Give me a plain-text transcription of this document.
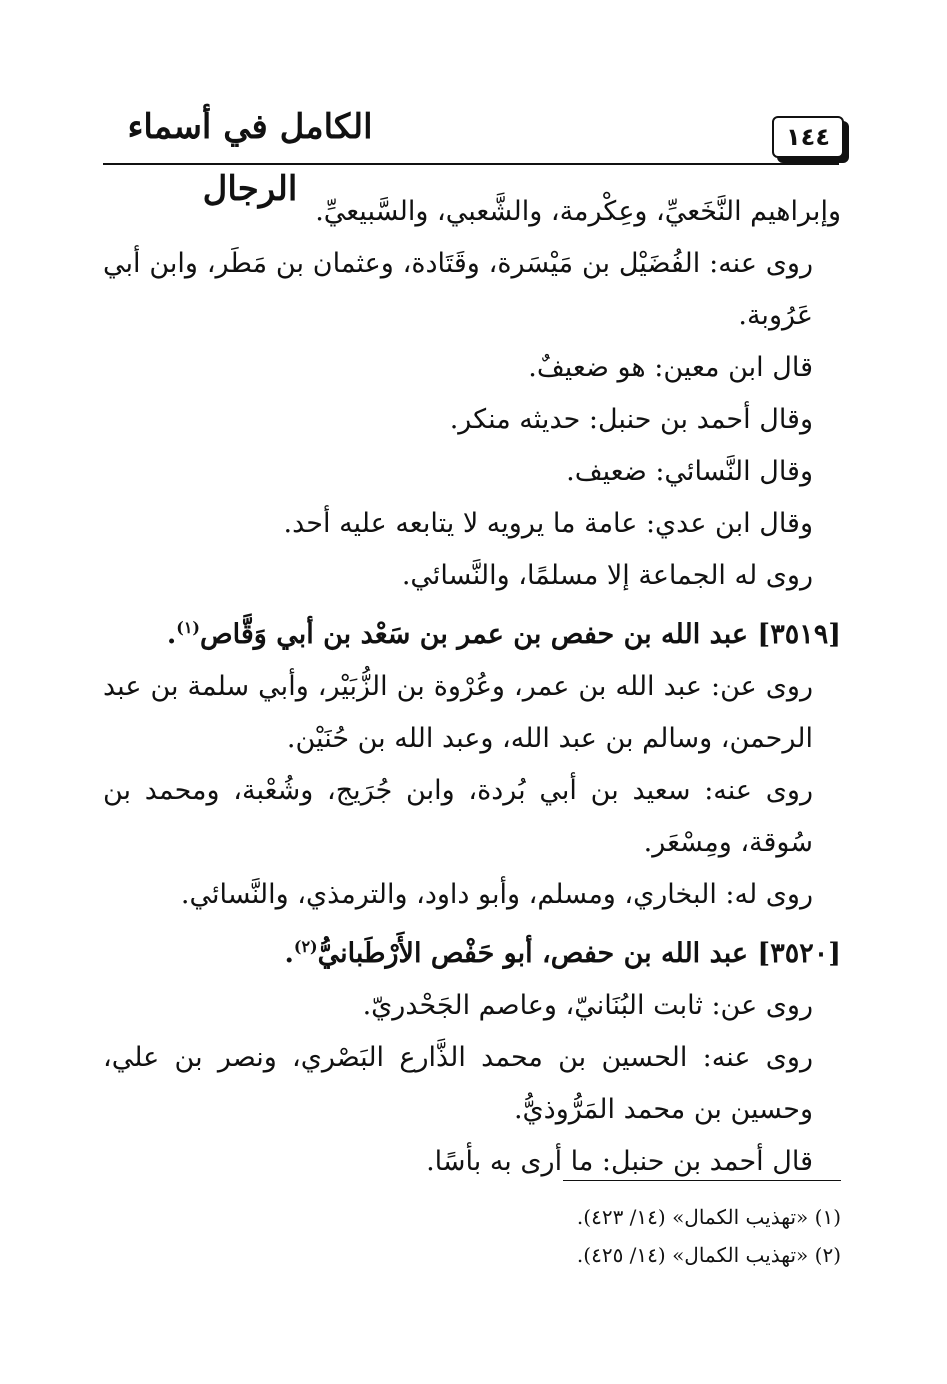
الكامل في أسماء الرجال
١٤٤

وإبراهيم النَّخَعيِّ، وعِكْرمة، والشَّعبي، والسَّبيعيِّ.

روى عنه: الفُضَيْل بن مَيْسَرة، وقَتَادة، وعثمان بن مَطَر، وابن أبي عَرُوبة.

قال ابن معين: هو ضعيفٌ.

وقال أحمد بن حنبل: حديثه منكر.

وقال النَّسائي: ضعيف.

وقال ابن عدي: عامة ما يرويه لا يتابعه عليه أحد.

روى له الجماعة إلا مسلمًا، والنَّسائي.

[٣٥١٩] عبد الله بن حفص بن عمر بن سَعْد بن أبي وَقَّاص$^{(١)}$.

روى عن: عبد الله بن عمر، وعُرْوة بن الزُّبَيْر، وأبي سلمة بن عبد الرحمن، وسالم بن عبد الله، وعبد الله بن حُنَيْن.

روى عنه: سعيد بن أبي بُردة، وابن جُرَيج، وشُعْبة، ومحمد بن سُوقة، ومِسْعَر.

روى له: البخاري، ومسلم، وأبو داود، والترمذي، والنَّسائي.

[٣٥٢٠] عبد الله بن حفص، أبو حَفْص الأَرْطَبانيُّ$^{(٢)}$.

روى عن: ثابت البُنَانيّ، وعاصم الجَحْدريّ.

روى عنه: الحسين بن محمد الذَّارع البَصْري، ونصر بن علي، وحسين بن محمد المَرُّوذيُّ.

قال أحمد بن حنبل: ما أرى به بأسًا.

(١) «تهذيب الكمال» (١٤/ ٤٢٣).

(٢) «تهذيب الكمال» (١٤/ ٤٢٥).
